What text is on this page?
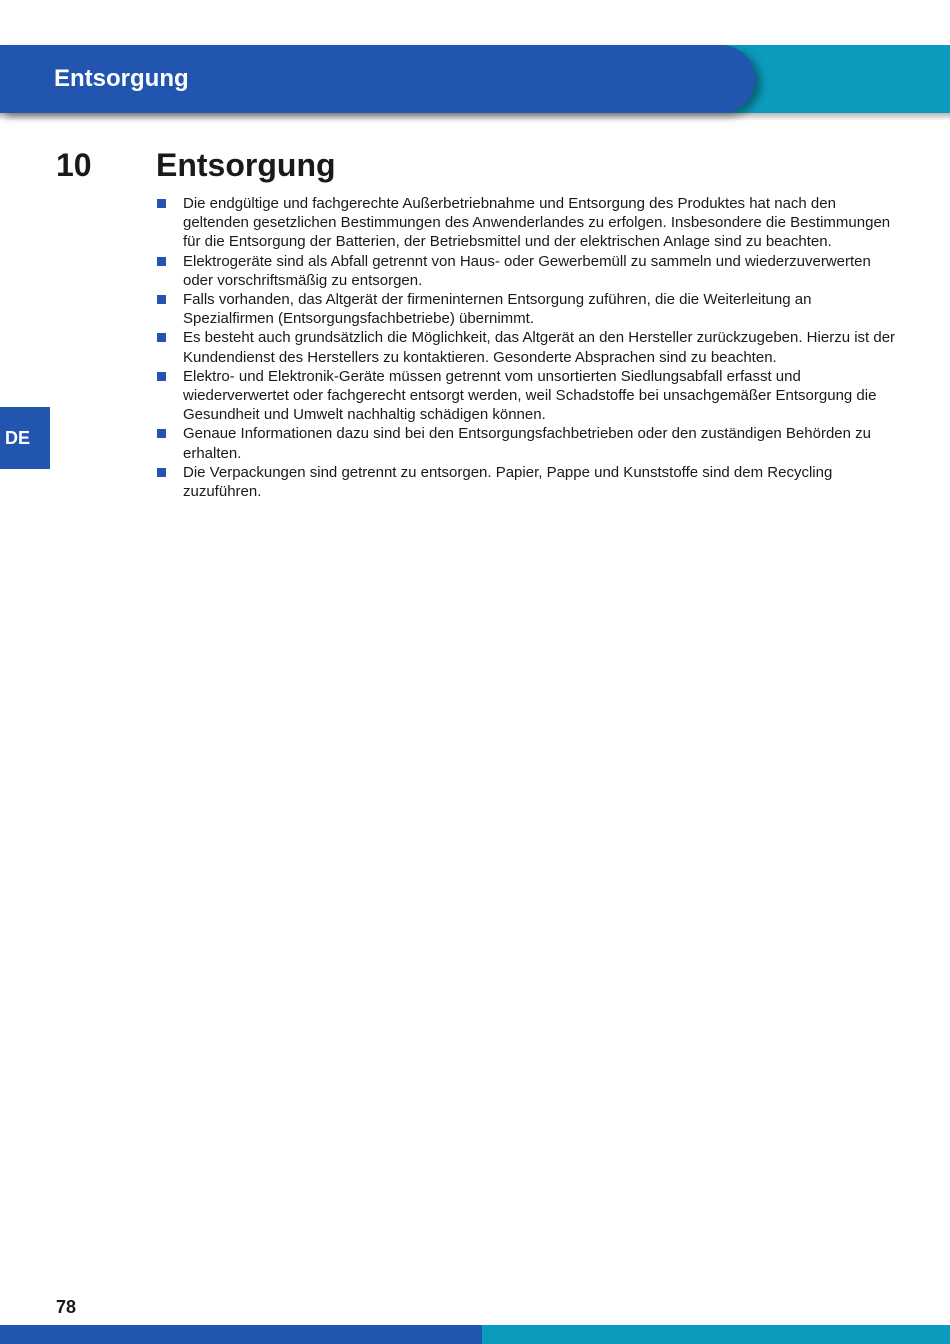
Entsorgung
DE
10 Entsorgung
Die endgültige und fachgerechte Außerbetriebnahme und Entsorgung des Produktes hat nach den geltenden gesetzlichen Bestimmungen des Anwenderlandes zu erfolgen. Insbesondere die Bestimmungen für die Entsorgung der Batterien, der Betriebsmittel und der elektrischen Anlage sind zu beachten.
Elektrogeräte sind als Abfall getrennt von Haus- oder Gewerbemüll zu sammeln und wiederzuverwerten oder vorschriftsmäßig zu entsorgen.
Falls vorhanden, das Altgerät der firmeninternen Entsorgung zuführen, die die Weiterleitung an Spezialfirmen (Entsorgungsfachbetriebe) übernimmt.
Es besteht auch grundsätzlich die Möglichkeit, das Altgerät an den Hersteller zurückzugeben. Hierzu ist der Kundendienst des Herstellers zu kontaktieren. Gesonderte Absprachen sind zu beachten.
Elektro- und Elektronik-Geräte müssen getrennt vom unsortierten Siedlungsabfall erfasst und wiederverwertet oder fachgerecht entsorgt werden, weil Schadstoffe bei unsachgemäßer Entsorgung die Gesundheit und Umwelt nachhaltig schädigen können.
Genaue Informationen dazu sind bei den Entsorgungsfachbetrieben oder den zuständigen Behörden zu erhalten.
Die Verpackungen sind getrennt zu entsorgen. Papier, Pappe und Kunststoffe sind dem Recycling zuzuführen.
78
